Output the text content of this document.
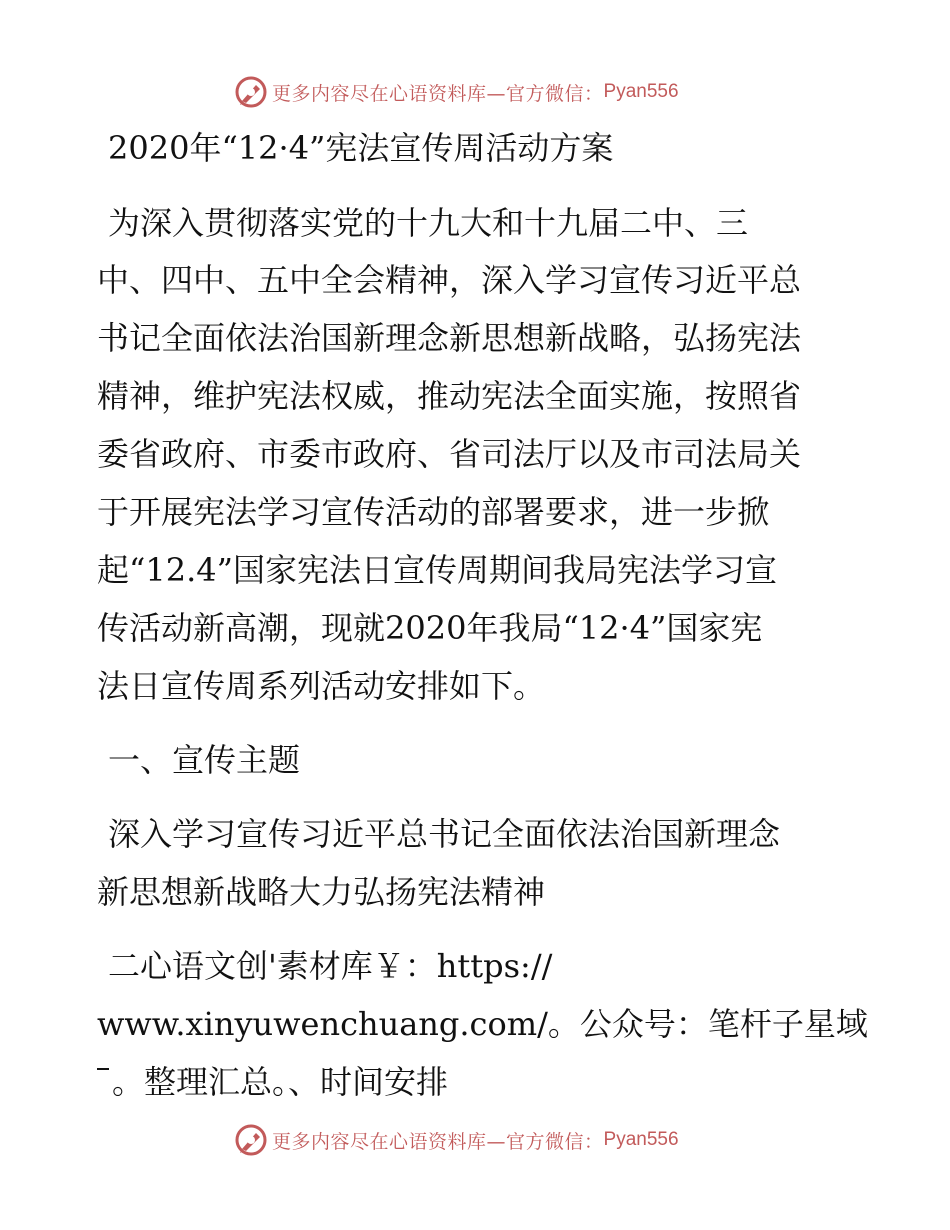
更多内容尽在心语资料库—官方微信： Pyan556
2020年“12·4”宪法宣传周活动方案
为深入贯彻落实党的十九大和十九届二中、三
中、四中、五中全会精神，深入学习宣传习近平总
书记全面依法治国新理念新思想新战略，弘扬宪法
精神，维护宪法权威，推动宪法全面实施，按照省
委省政府、市委市政府、省司法厅以及市司法局关
于开展宪法学习宣传活动的部署要求，进一步掀
起“12.4”国家宪法日宣传周期间我局宪法学习宣
传活动新高潮，现就2020年我局“12·4”国家宪
法日宣传周系列活动安排如下。
一、宣传主题
深入学习宣传习近平总书记全面依法治国新理念
新思想新战略大力弘扬宪法精神
二心语文创'素材库￥：https://
www.xinyuwenchuang.com/。公众号：笔杆子星域
。整理汇总。、时间安排
更多内容尽在心语资料库—官方微信： Pyan556
